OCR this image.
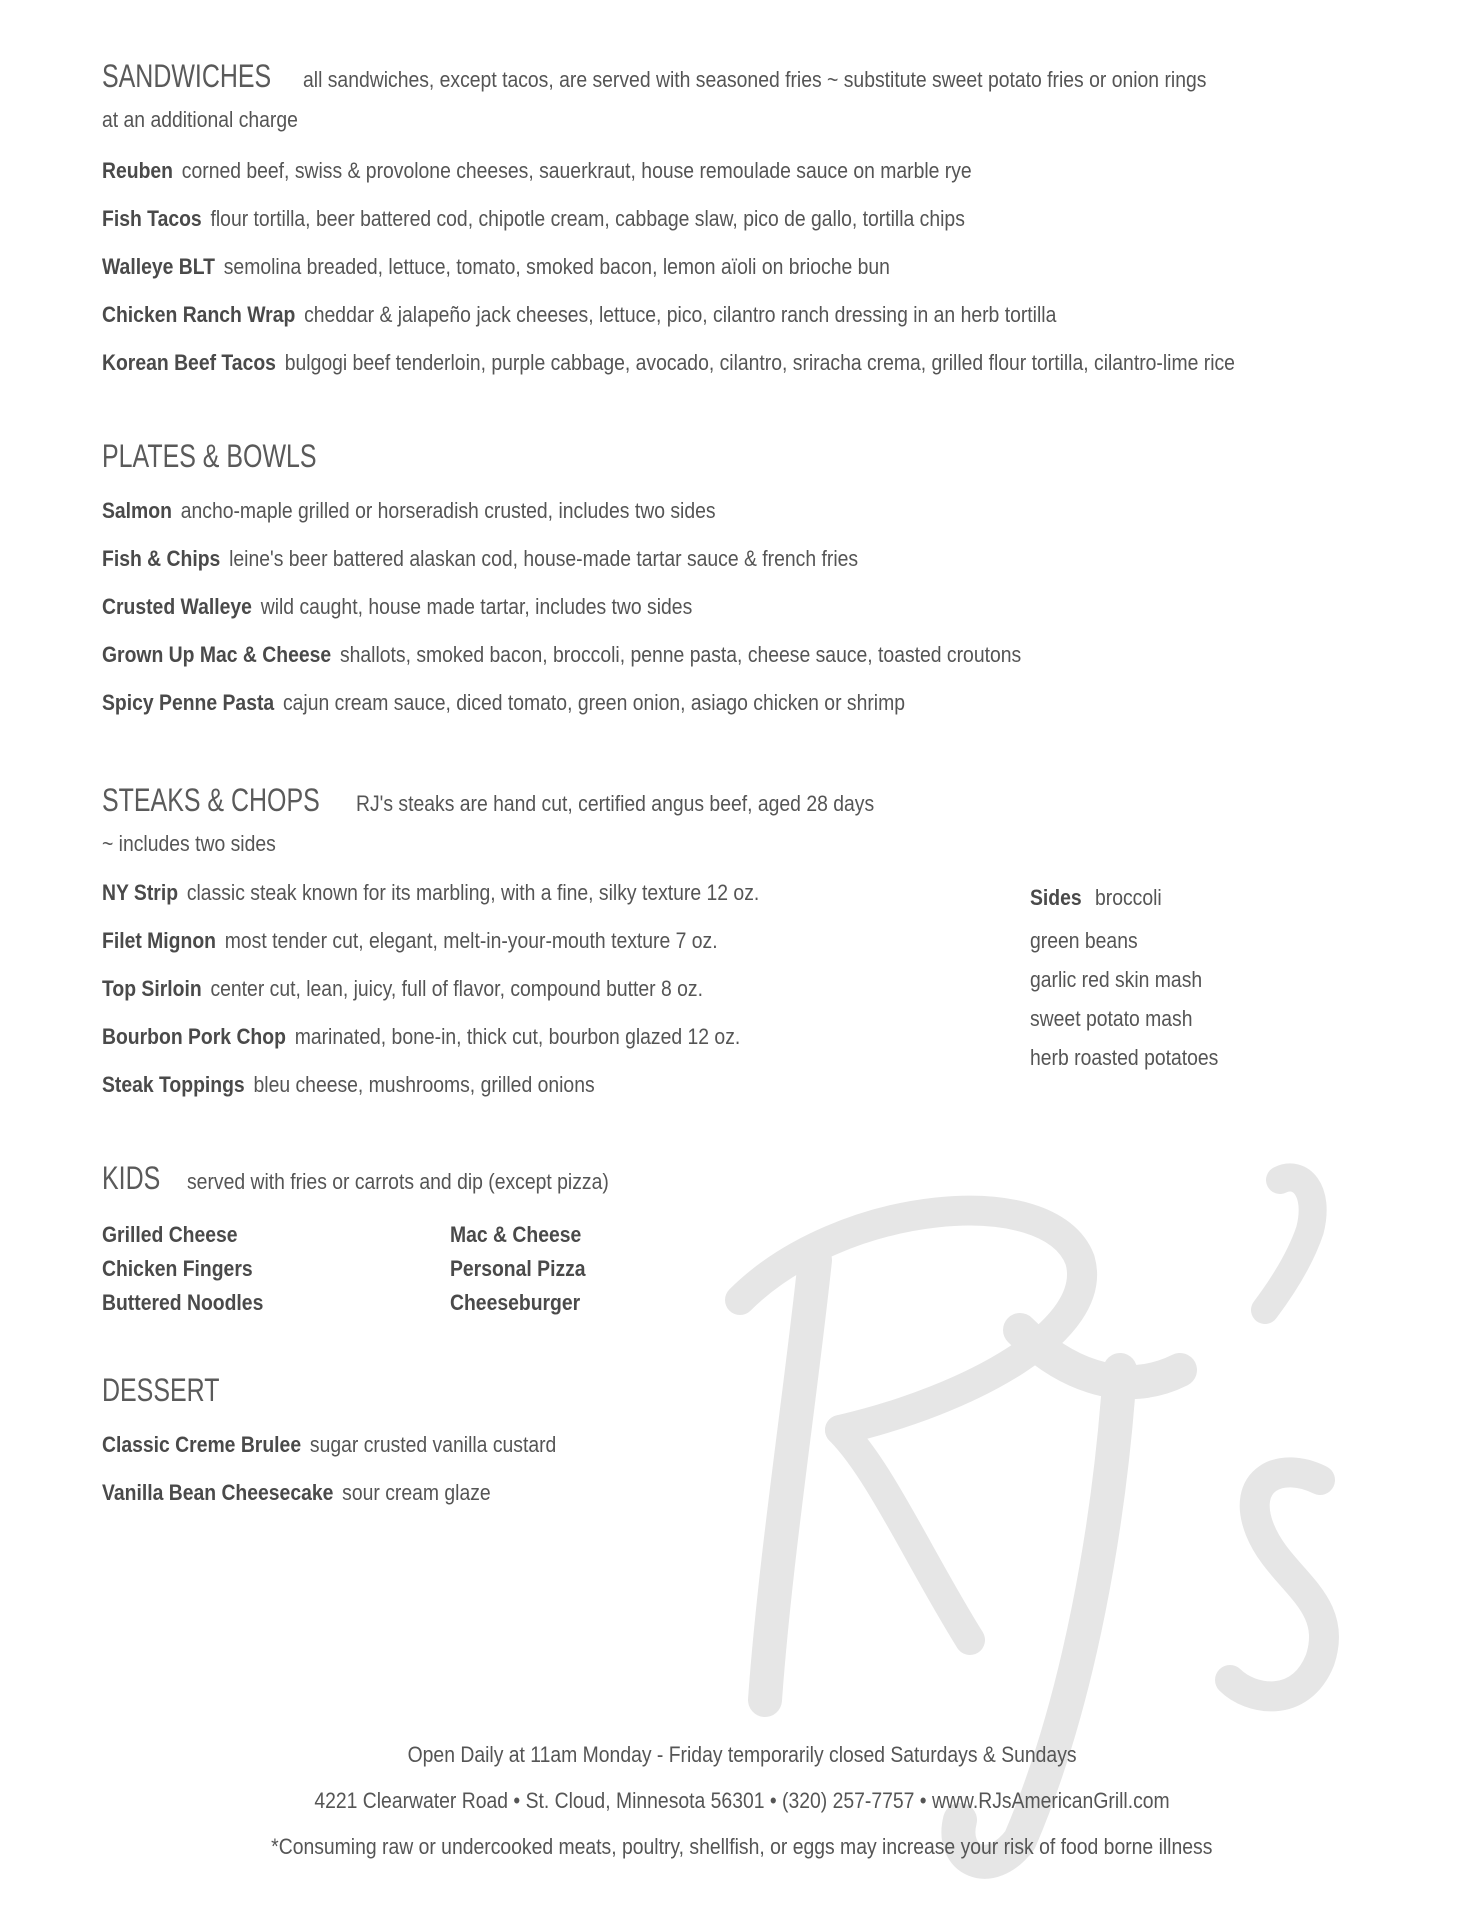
SANDWICHES all sandwiches, except tacos, are served with seasoned fries ~ substitute sweet potato fries or onion rings
at an additional charge
Reuben corned beef, swiss & provolone cheeses, sauerkraut, house remoulade sauce on marble rye
Fish Tacos flour tortilla, beer battered cod, chipotle cream, cabbage slaw, pico de gallo, tortilla chips
Walleye BLT semolina breaded, lettuce, tomato, smoked bacon, lemon aïoli on brioche bun
Chicken Ranch Wrap cheddar & jalapeño jack cheeses, lettuce, pico, cilantro ranch dressing in an herb tortilla
Korean Beef Tacos bulgogi beef tenderloin, purple cabbage, avocado, cilantro, sriracha crema, grilled flour tortilla, cilantro-lime rice
PLATES & BOWLS
Salmon ancho-maple grilled or horseradish crusted, includes two sides
Fish & Chips leine's beer battered alaskan cod, house-made tartar sauce & french fries
Crusted Walleye wild caught, house made tartar, includes two sides
Grown Up Mac & Cheese shallots, smoked bacon, broccoli, penne pasta, cheese sauce, toasted croutons
Spicy Penne Pasta cajun cream sauce, diced tomato, green onion, asiago chicken or shrimp
STEAKS & CHOPS RJ's steaks are hand cut, certified angus beef, aged 28 days
~ includes two sides
NY Strip classic steak known for its marbling, with a fine, silky texture 12 oz.
Filet Mignon most tender cut, elegant, melt-in-your-mouth texture 7 oz.
Top Sirloin center cut, lean, juicy, full of flavor, compound butter 8 oz.
Bourbon Pork Chop marinated, bone-in, thick cut, bourbon glazed 12 oz.
Steak Toppings bleu cheese, mushrooms, grilled onions
Sides broccoli
green beans
garlic red skin mash
sweet potato mash
herb roasted potatoes
KIDS served with fries or carrots and dip (except pizza)
Grilled Cheese
Chicken Fingers
Buttered Noodles
Mac & Cheese
Personal Pizza
Cheeseburger
DESSERT
Classic Creme Brulee sugar crusted vanilla custard
Vanilla Bean Cheesecake sour cream glaze
Open Daily at 11am Monday - Friday temporarily closed Saturdays & Sundays
4221 Clearwater Road • St. Cloud, Minnesota 56301 • (320) 257-7757 • www.RJsAmericanGrill.com
*Consuming raw or undercooked meats, poultry, shellfish, or eggs may increase your risk of food borne illness
